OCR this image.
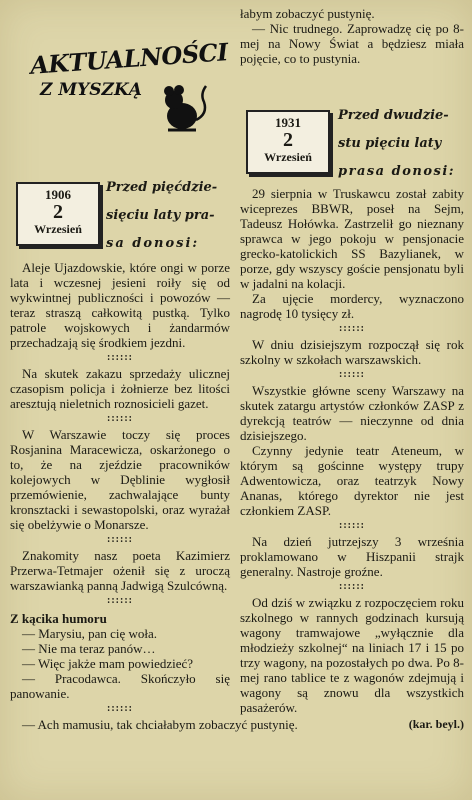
AKTUALNOŚCI
Z MYSZKĄ
1906
2
Wrzesień
Przed pięćdzie-
sięciu laty pra-
sa donosi:

Aleje Ujazdowskie, które ongi w porze lata i wczesnej jesieni roiły się od wykwintnej publiczności i powozów — teraz straszą całkowitą pustką. Tylko patrole wojskowych i żandarmów przechadzają się środkiem jezdni.

::::::

Na skutek zakazu sprzedaży ulicznej czasopism policja i żołnierze bez litości aresztują nieletnich roznosicieli gazet.

::::::

W Warszawie toczy się proces Rosjanina Maracewicza, oskarżonego o to, że na zjeździe pracowników kolejowych w Dęblinie wygłosił przemówienie, zachwalające bunty kronsztacki i sewastopolski, oraz wyrażał się obelżywie o Monarsze.

::::::

Znakomity nasz poeta Kazimierz Przerwa-Tetmajer ożenił się z uroczą warszawianką panną Jadwigą Szulcówną.

::::::

Z kącika humoru

— Marysiu, pan cię woła.

— Nie ma teraz panów…

— Więc jakże mam powiedzieć?

— Pracodawca. Skończyło się panowanie.

::::::

— Ach mamusiu, tak chciałabym zobaczyć pustynię.

łabym zobaczyć pustynię.

— Nic trudnego. Zaprowadzę cię po 8-mej na Nowy Świat a będziesz miała pojęcie, co to pustynia.

1931
2
Wrzesień
Przed dwudzie-
stu pięciu laty
prasa donosi:

29 sierpnia w Truskawcu został zabity wiceprezes BBWR, poseł na Sejm, Tadeusz Hołówka. Zastrzelił go nieznany sprawca w jego pokoju w pensjonacie grecko-katolickich SS Bazylianek, w porze, gdy wszyscy goście pensjonatu byli w jadalni na kolacji.

Za ujęcie mordercy, wyznaczono nagrodę 10 tysięcy zł.

::::::

W dniu dzisiejszym rozpoczął się rok szkolny w szkołach warszawskich.

::::::

Wszystkie główne sceny Warszawy na skutek zatargu artystów członków ZASP z dyrekcją teatrów — nieczynne od dnia dzisiejszego.

Czynny jedynie teatr Ateneum, w którym są gościnne występy trupy Adwentowicza, oraz teatrzyk Nowy Ananas, którego dyrektor nie jest członkiem ZASP.

::::::

Na dzień jutrzejszy 3 września proklamowano w Hiszpanii strajk generalny. Nastroje groźne.

::::::

Od dziś w związku z rozpoczęciem roku szkolnego w rannych godzinach kursują wagony tramwajowe „wyłącznie dla młodzieży szkolnej“ na liniach 17 i 15 po trzy wagony, na pozostałych po dwa. Po 8-mej rano tablice te z wagonów zdejmują i wagony są znowu dla wszystkich pasażerów.

(kar. beyl.)
